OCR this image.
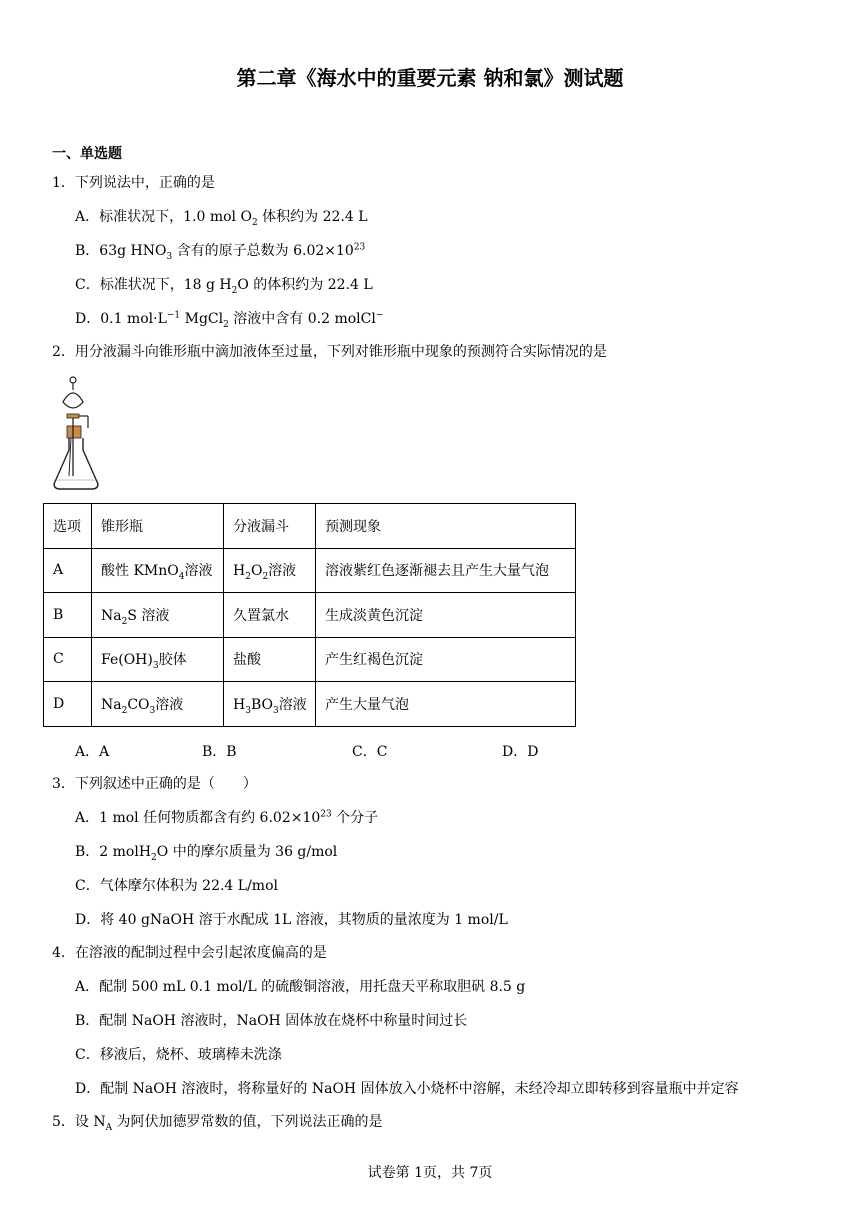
第二章《海水中的重要元素 钠和氯》测试题
一、单选题
1．下列说法中，正确的是
A．标准状况下，1.0 mol $O_2$ 体积约为 22.4 L
B．63g $HNO_3$ 含有的原子总数为 $6.02\times 10^{23}$
C．标准状况下，18 g $H_2O$ 的体积约为 22.4 L
D．0.1 $mol\cdot L^{-1}$ MgCl$_2$ 溶液中含有 0.2 molCl−
2．用分液漏斗向锥形瓶中滴加液体至过量，下列对锥形瓶中现象的预测符合实际情况的是
选项	锥形瓶	分液漏斗	预测现象
A	酸性 KMnO$_4$溶液	$H_2O_2$溶液	溶液紫红色逐渐褪去且产生大量气泡
B	$Na_2S$ 溶液	久置氯水	生成淡黄色沉淀
C	$Fe(OH)_3$胶体	盐酸	产生红褐色沉淀
D	$Na_2CO_3$溶液	$H_3BO_3$溶液	产生大量气泡
A．A	B．B	C．C	D．D
3．下列叙述中正确的是（　　）
A．1 mol 任何物质都含有约 $6.02\times 10^{23}$ 个分子
B．2 molH$_2$O 中的摩尔质量为 36 g/mol
C．气体摩尔体积为 22.4 L/mol
D．将 40 gNaOH 溶于水配成 1L 溶液，其物质的量浓度为 1 mol/L
4．在溶液的配制过程中会引起浓度偏高的是
A．配制 500 mL 0.1 mol/L 的硫酸铜溶液，用托盘天平称取胆矾 8.5 g
B．配制 NaOH 溶液时，NaOH 固体放在烧杯中称量时间过长
C．移液后，烧杯、玻璃棒未洗涤
D．配制 NaOH 溶液时，将称量好的 NaOH 固体放入小烧杯中溶解，未经冷却立即转移到容量瓶中并定容
5．设 $N_A$ 为阿伏加德罗常数的值，下列说法正确的是
试卷第 1页，共 7页
